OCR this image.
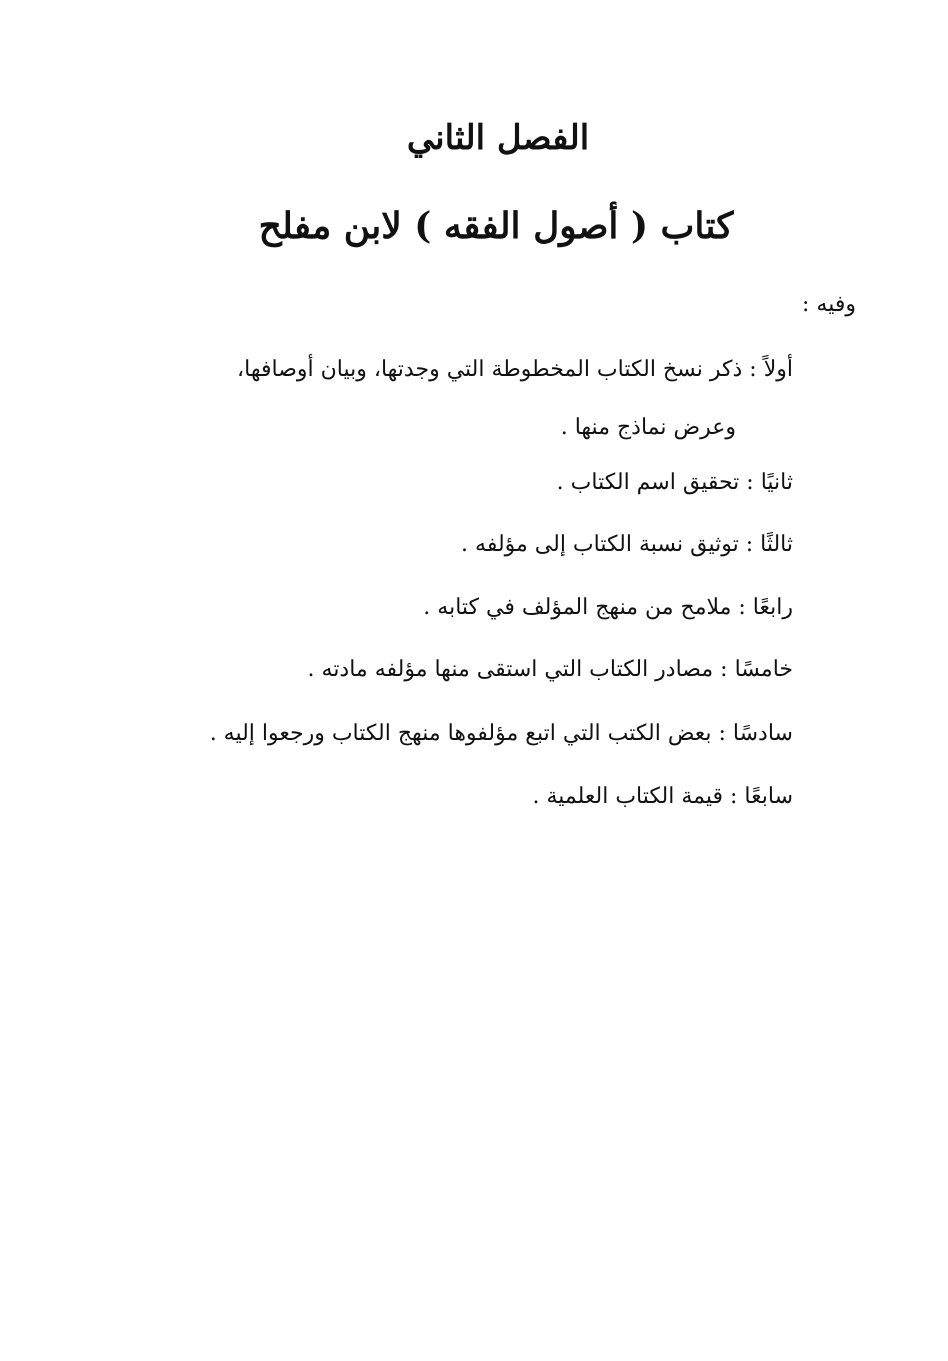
الفصل الثاني
كتاب ( أصول الفقه ) لابن مفلح
وفيه :
أولاً : ذكر نسخ الكتاب المخطوطة التي وجدتها، وبيان أوصافها،
وعرض نماذج منها .
ثانيًا : تحقيق اسم الكتاب .
ثالثًا : توثيق نسبة الكتاب إلى مؤلفه .
رابعًا : ملامح من منهج المؤلف في كتابه .
خامسًا : مصادر الكتاب التي استقى منها مؤلفه مادته .
سادسًا : بعض الكتب التي اتبع مؤلفوها منهج الكتاب ورجعوا إليه .
سابعًا : قيمة الكتاب العلمية .
